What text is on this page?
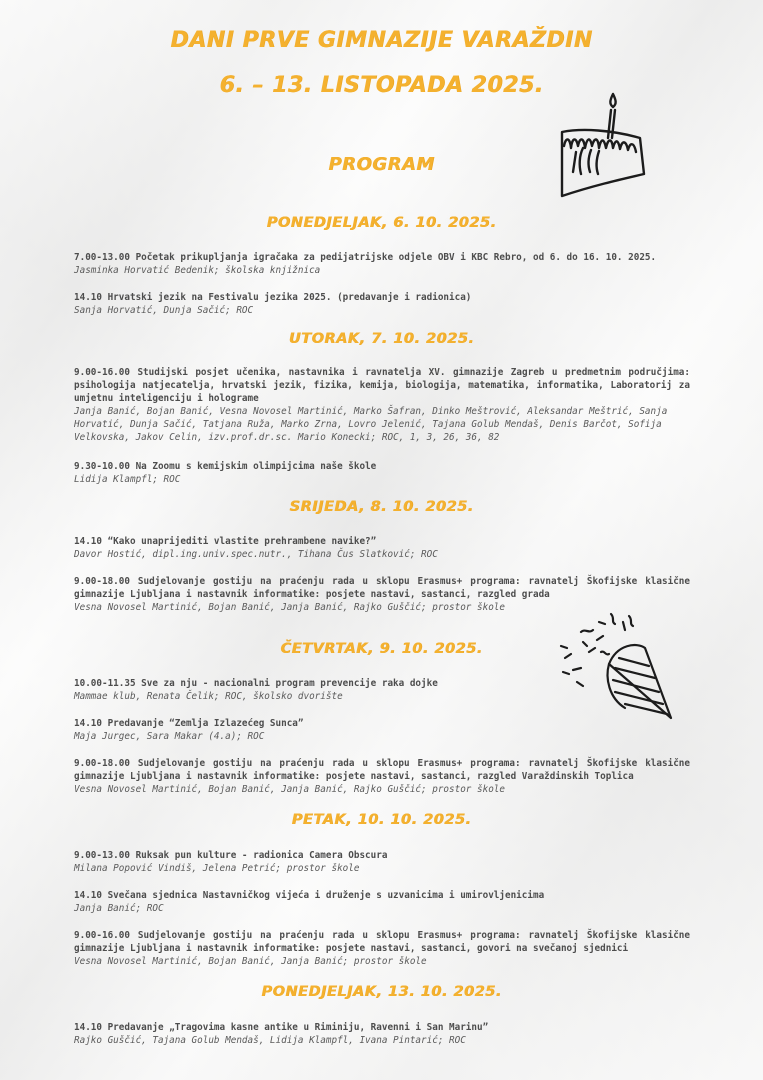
DANI PRVE GIMNAZIJE VARAŽDIN
6. – 13. LISTOPADA 2025.
PROGRAM
PONEDJELJAK, 6. 10. 2025.
7.00-13.00 Početak prikupljanja igračaka za pedijatrijske odjele OBV i KBC Rebro, od 6. do 16. 10. 2025.
Jasminka Horvatić Bedenik; školska knjižnica
14.10 Hrvatski jezik na Festivalu jezika 2025. (predavanje i radionica)
Sanja Horvatić, Dunja Sačić; ROC
UTORAK, 7. 10. 2025.
9.00-16.00 Studijski posjet učenika, nastavnika i ravnatelja XV. gimnazije Zagreb u predmetnim područjima: psihologija natjecatelja, hrvatski jezik, fizika, kemija, biologija, matematika, informatika, Laboratorij za umjetnu inteligenciju i holograme
Janja Banić, Bojan Banić, Vesna Novosel Martinić, Marko Šafran, Dinko Meštrović, Aleksandar Meštrić, Sanja Horvatić, Dunja Sačić, Tatjana Ruža, Marko Zrna, Lovro Jelenić, Tajana Golub Mendaš, Denis Barčot, Sofija Velkovska, Jakov Celin, izv.prof.dr.sc. Mario Konecki; ROC, 1, 3, 26, 36, 82
9.30-10.00 Na Zoomu s kemijskim olimpijcima naše škole
Lidija Klampfl; ROC
SRIJEDA, 8. 10. 2025.
14.10 “Kako unaprijediti vlastite prehrambene navike?”
Davor Hostić, dipl.ing.univ.spec.nutr., Tihana Čus Slatković; ROC
9.00-18.00 Sudjelovanje gostiju na praćenju rada u sklopu Erasmus+ programa: ravnatelj Škofijske klasične gimnazije Ljubljana i nastavnik informatike: posjete nastavi, sastanci, razgled grada
Vesna Novosel Martinić, Bojan Banić, Janja Banić, Rajko Guščić; prostor škole
ČETVRTAK, 9. 10. 2025.
10.00-11.35 Sve za nju - nacionalni program prevencije raka dojke
Mammae klub, Renata Čelik; ROC, školsko dvorište
14.10 Predavanje “Zemlja Izlazećeg Sunca”
Maja Jurgec, Sara Makar (4.a); ROC
9.00-18.00 Sudjelovanje gostiju na praćenju rada u sklopu Erasmus+ programa: ravnatelj Škofijske klasične gimnazije Ljubljana i nastavnik informatike: posjete nastavi, sastanci, razgled Varaždinskih Toplica
Vesna Novosel Martinić, Bojan Banić, Janja Banić, Rajko Guščić; prostor škole
PETAK, 10. 10. 2025.
9.00-13.00 Ruksak pun kulture - radionica Camera Obscura
Milana Popović Vindiš, Jelena Petrić; prostor škole
14.10 Svečana sjednica Nastavničkog vijeća i druženje s uzvanicima i umirovljenicima
Janja Banić; ROC
9.00-16.00 Sudjelovanje gostiju na praćenju rada u sklopu Erasmus+ programa: ravnatelj Škofijske klasične gimnazije Ljubljana i nastavnik informatike: posjete nastavi, sastanci, govori na svečanoj sjednici
Vesna Novosel Martinić, Bojan Banić, Janja Banić; prostor škole
PONEDJELJAK, 13. 10. 2025.
14.10 Predavanje „Tragovima kasne antike u Riminiju, Ravenni i San Marinu”
Rajko Guščić, Tajana Golub Mendaš, Lidija Klampfl, Ivana Pintarić; ROC
